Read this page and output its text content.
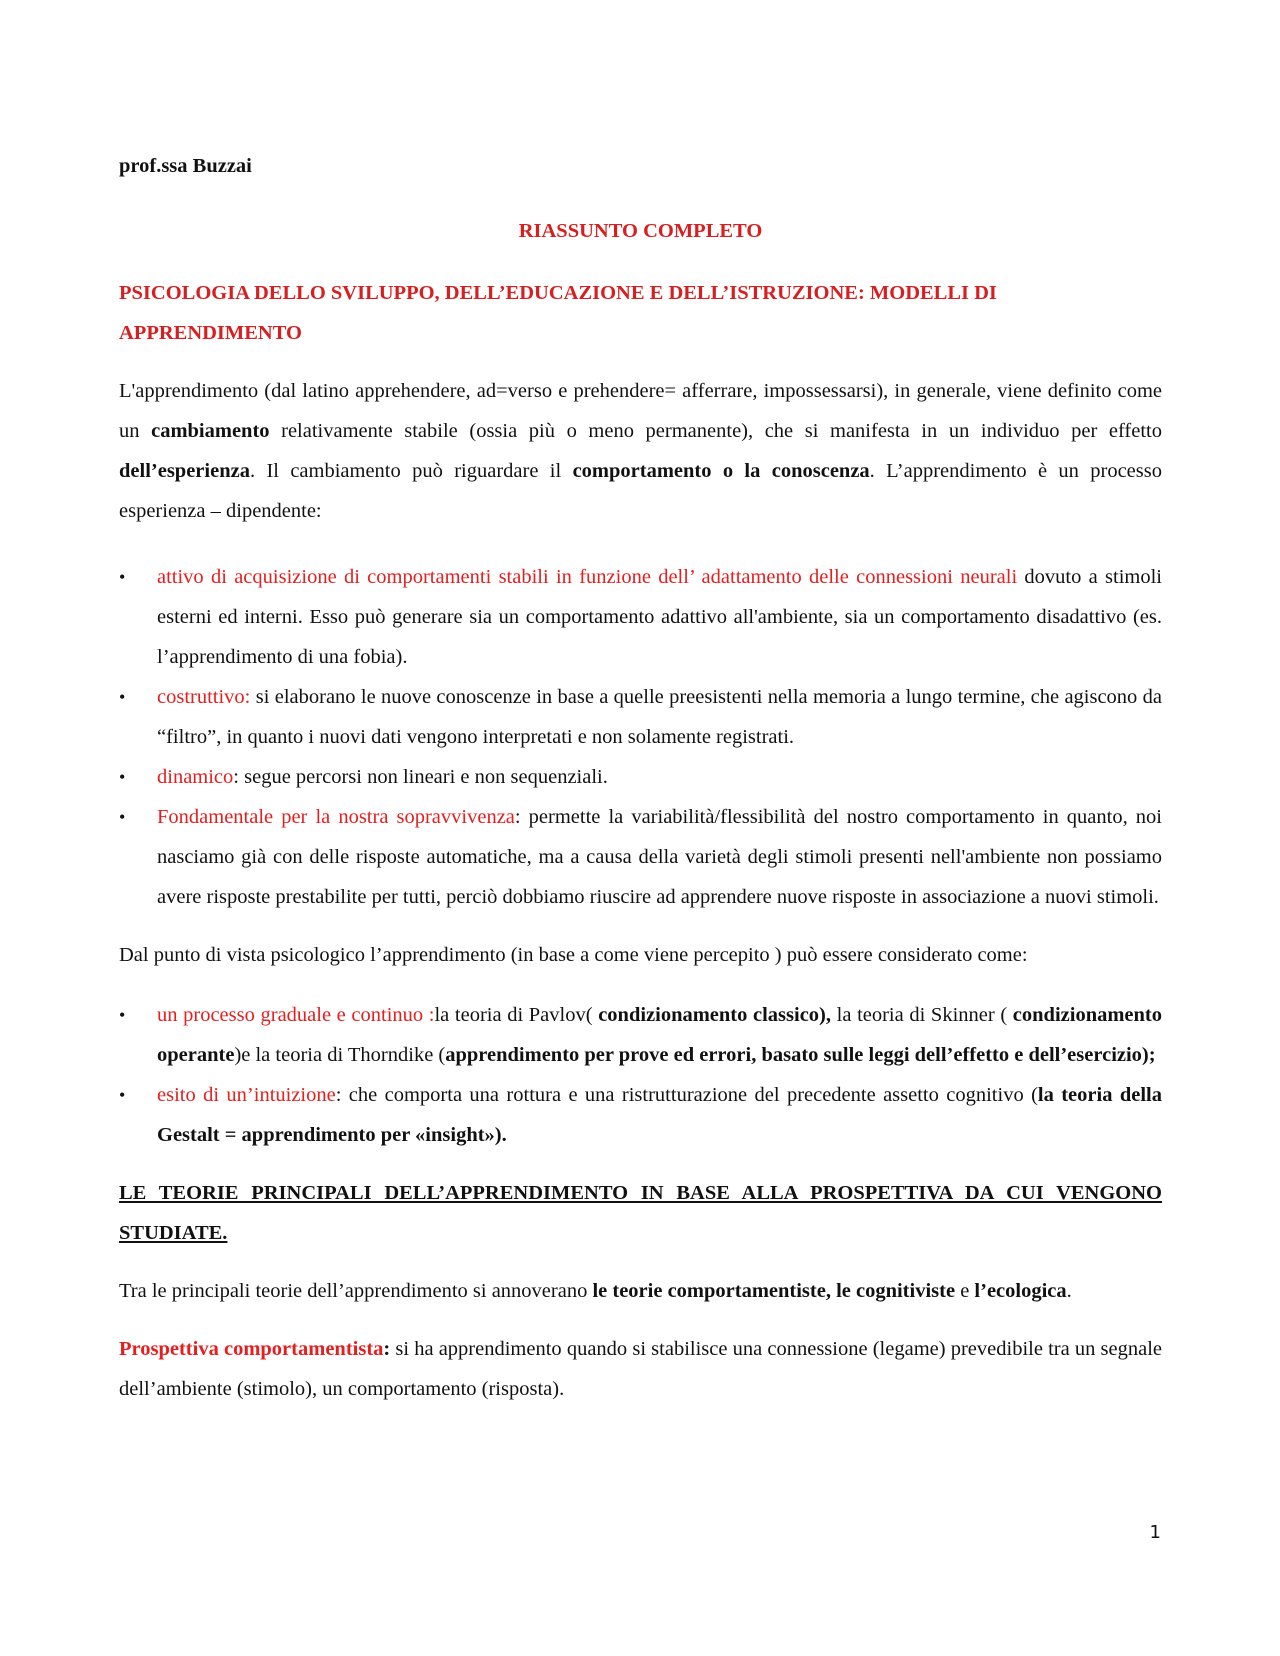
prof.ssa Buzzai

RIASSUNTO COMPLETO

PSICOLOGIA DELLO SVILUPPO, DELL’EDUCAZIONE E DELL’ISTRUZIONE: MODELLI DI APPRENDIMENTO

L'apprendimento (dal latino apprehendere, ad=verso e prehendere= afferrare, impossessarsi), in generale, viene definito come un cambiamento relativamente stabile (ossia più o meno permanente), che si manifesta in un individuo per effetto dell’esperienza. Il cambiamento può riguardare il comportamento o la conoscenza. L’apprendimento è un processo esperienza – dipendente:

•	attivo di acquisizione di comportamenti stabili in funzione dell’ adattamento delle connessioni neurali dovuto a stimoli esterni ed interni. Esso può generare sia un comportamento adattivo all'ambiente, sia un comportamento disadattivo (es. l’apprendimento di una fobia).
•	costruttivo: si elaborano le nuove conoscenze in base a quelle preesistenti nella memoria a lungo termine, che agiscono da “filtro”, in quanto i nuovi dati vengono interpretati e non solamente registrati.
•	dinamico: segue percorsi non lineari e non sequenziali.
•	Fondamentale per la nostra sopravvivenza: permette la variabilità/flessibilità del nostro comportamento in quanto, noi nasciamo già con delle risposte automatiche, ma a causa della varietà degli stimoli presenti nell'ambiente non possiamo avere risposte prestabilite per tutti, perciò dobbiamo riuscire ad apprendere nuove risposte in associazione a nuovi stimoli.

Dal punto di vista psicologico l’apprendimento (in base a come viene percepito ) può essere considerato come:

•	un processo graduale e continuo :la teoria di Pavlov( condizionamento classico), la teoria di Skinner ( condizionamento operante)e la teoria di Thorndike (apprendimento per prove ed errori, basato sulle leggi dell’effetto e dell’esercizio);
•	esito di un’intuizione: che comporta una rottura e una ristrutturazione del precedente assetto cognitivo (la teoria della Gestalt = apprendimento per «insight»).

LE TEORIE PRINCIPALI DELL’APPRENDIMENTO IN BASE ALLA PROSPETTIVA DA CUI VENGONO STUDIATE.

Tra le principali teorie dell’apprendimento si annoverano le teorie comportamentiste, le cognitiviste e l’ecologica.

Prospettiva comportamentista: si ha apprendimento quando si stabilisce una connessione (legame) prevedibile tra un segnale dell’ambiente (stimolo), un comportamento (risposta).

1
